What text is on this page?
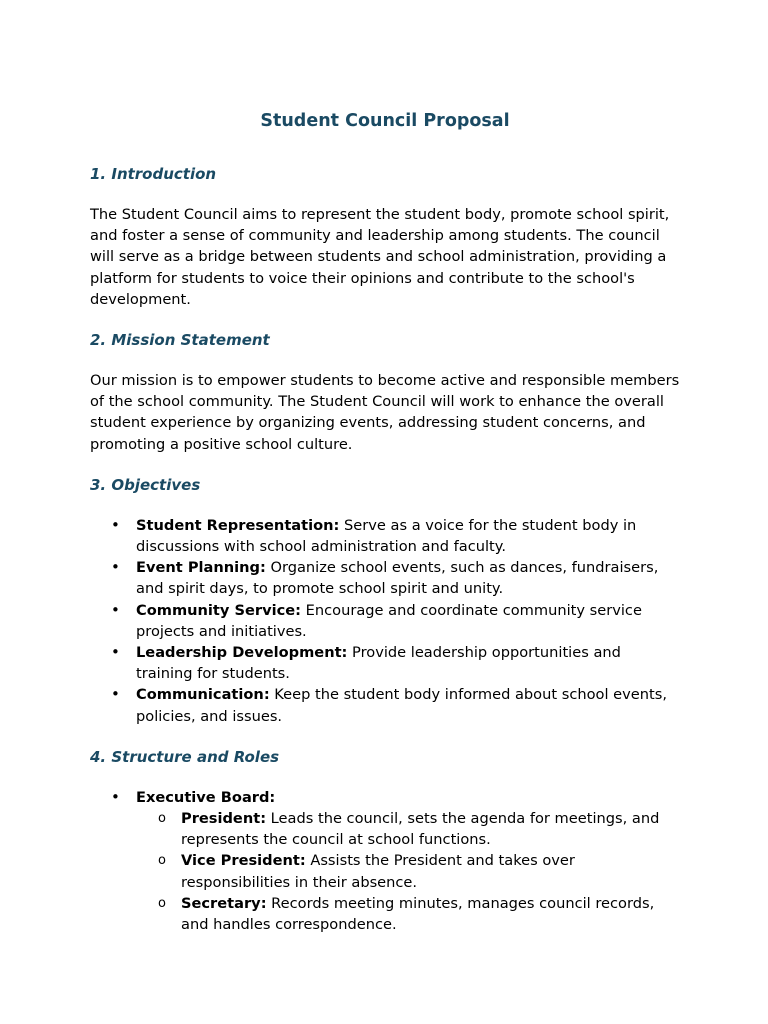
Student Council Proposal
1. Introduction

The Student Council aims to represent the student body, promote school spirit, and foster a sense of community and leadership among students. The council will serve as a bridge between students and school administration, providing a platform for students to voice their opinions and contribute to the school's development.

2. Mission Statement

Our mission is to empower students to become active and responsible members of the school community. The Student Council will work to enhance the overall student experience by organizing events, addressing student concerns, and promoting a positive school culture.

3. Objectives
• Student Representation: Serve as a voice for the student body in discussions with school administration and faculty.
• Event Planning: Organize school events, such as dances, fundraisers, and spirit days, to promote school spirit and unity.
• Community Service: Encourage and coordinate community service projects and initiatives.
• Leadership Development: Provide leadership opportunities and training for students.
• Communication: Keep the student body informed about school events, policies, and issues.
4. Structure and Roles
• Executive Board:
o President: Leads the council, sets the agenda for meetings, and represents the council at school functions.
o Vice President: Assists the President and takes over responsibilities in their absence.
o Secretary: Records meeting minutes, manages council records, and handles correspondence.
